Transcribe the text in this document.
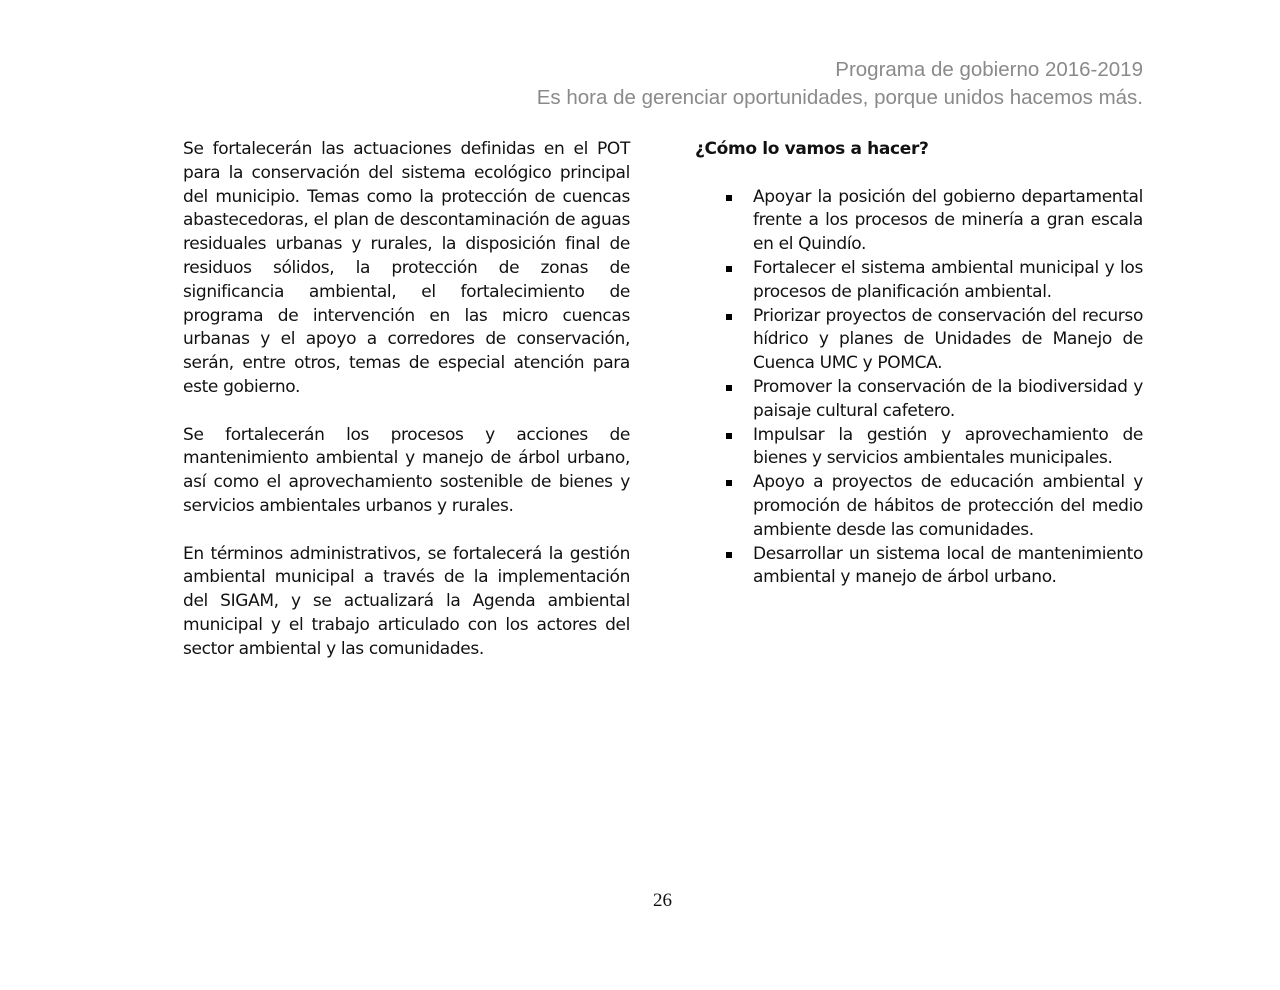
Programa de gobierno 2016-2019
Es hora de gerenciar oportunidades, porque unidos hacemos más.

Se fortalecerán las actuaciones definidas en el POT para la conservación del sistema ecológico principal del municipio. Temas como la protección de cuencas abastecedoras, el plan de descontaminación de aguas residuales urbanas y rurales, la disposición final de residuos sólidos, la protección de zonas de significancia ambiental, el fortalecimiento de programa de intervención en las micro cuencas urbanas y el apoyo a corredores de conservación, serán, entre otros, temas de especial atención para este gobierno.

Se fortalecerán los procesos y acciones de mantenimiento ambiental y manejo de árbol urbano, así como el aprovechamiento sostenible de bienes y servicios ambientales urbanos y rurales.

En términos administrativos, se fortalecerá la gestión ambiental municipal a través de la implementación del SIGAM, y se actualizará la Agenda ambiental municipal y el trabajo articulado con los actores del sector ambiental y las comunidades.

¿Cómo lo vamos a hacer?
Apoyar la posición del gobierno departamental frente a los procesos de minería a gran escala en el Quindío.
Fortalecer el sistema ambiental municipal y los procesos de planificación ambiental.
Priorizar proyectos de conservación del recurso hídrico y planes de Unidades de Manejo de Cuenca UMC y POMCA.
Promover la conservación de la biodiversidad y paisaje cultural cafetero.
Impulsar la gestión y aprovechamiento de bienes y servicios ambientales municipales.
Apoyo a proyectos de educación ambiental y promoción de hábitos de protección del medio ambiente desde las comunidades.
Desarrollar un sistema local de mantenimiento ambiental y manejo de árbol urbano.
26
